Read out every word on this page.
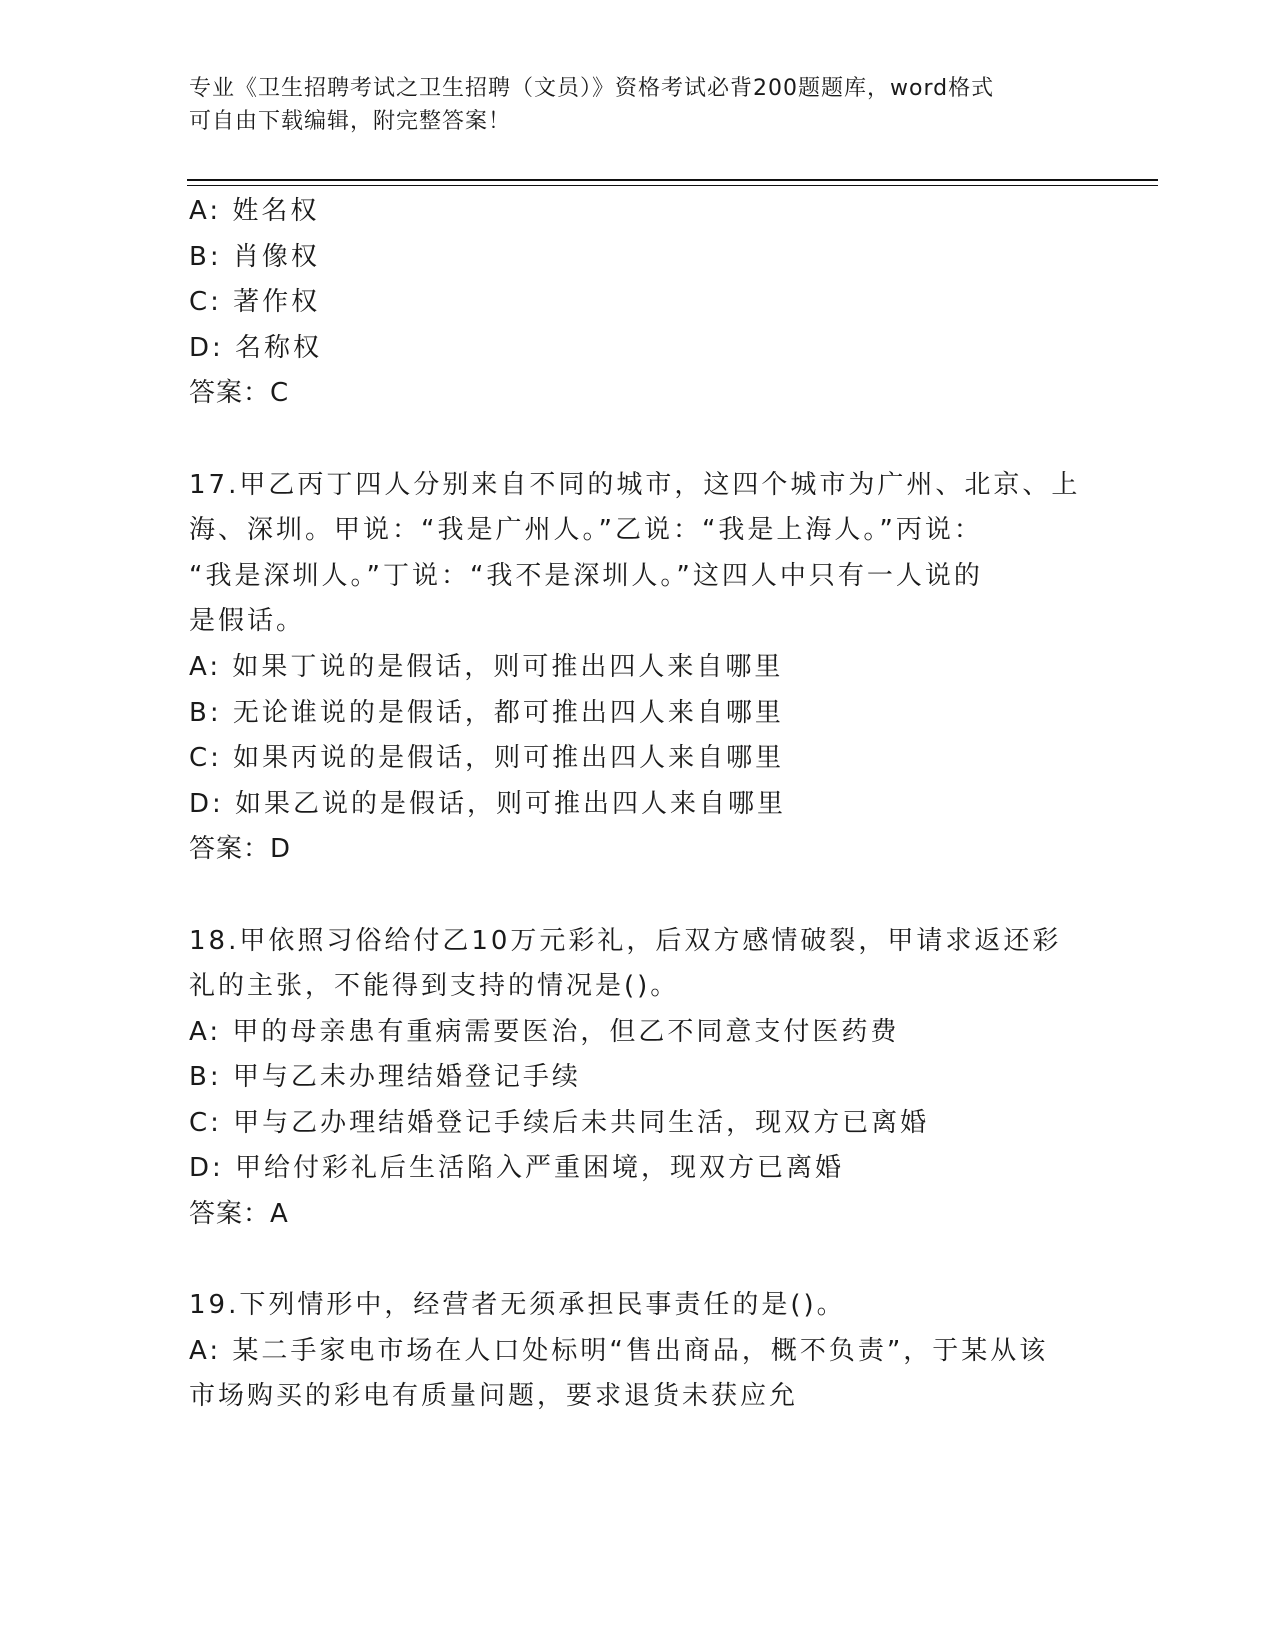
专业《卫生招聘考试之卫生招聘（文员）》资格考试必背200题题库，word格式
可自由下载编辑，附完整答案！
A: 姓名权
B: 肖像权
C: 著作权
D: 名称权
答案：C
17.甲乙丙丁四人分别来自不同的城市，这四个城市为广州、北京、上
海、深圳。甲说：“我是广州人。”乙说：“我是上海人。”丙说：
“我是深圳人。”丁说：“我不是深圳人。”这四人中只有一人说的
是假话。
A: 如果丁说的是假话，则可推出四人来自哪里
B: 无论谁说的是假话，都可推出四人来自哪里
C: 如果丙说的是假话，则可推出四人来自哪里
D: 如果乙说的是假话，则可推出四人来自哪里
答案：D
18.甲依照习俗给付乙10万元彩礼，后双方感情破裂，甲请求返还彩
礼的主张，不能得到支持的情况是()。
A: 甲的母亲患有重病需要医治，但乙不同意支付医药费
B: 甲与乙未办理结婚登记手续
C: 甲与乙办理结婚登记手续后未共同生活，现双方已离婚
D: 甲给付彩礼后生活陷入严重困境，现双方已离婚
答案：A
19.下列情形中，经营者无须承担民事责任的是()。
A: 某二手家电市场在人口处标明“售出商品，概不负责”，于某从该
市场购买的彩电有质量问题，要求退货未获应允
